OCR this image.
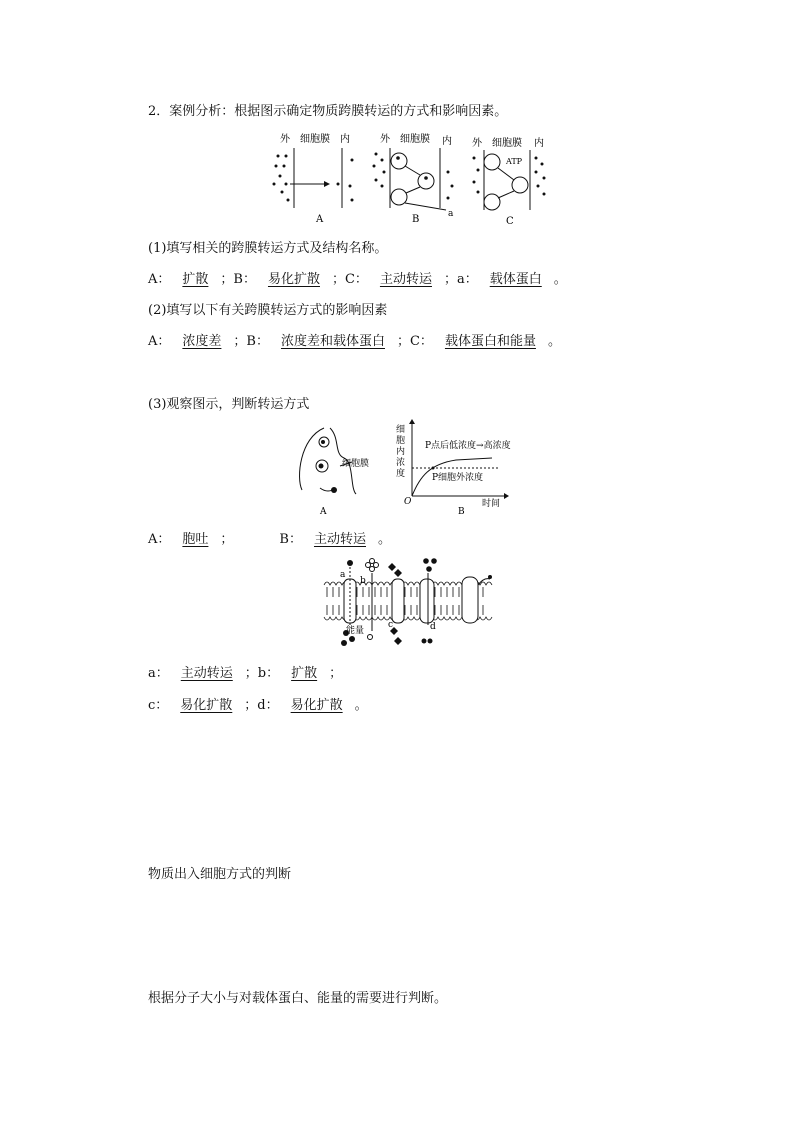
2．案例分析：根据图示确定物质跨膜转运的方式和影响因素。
外 细胞膜 内
A
外 细胞膜 内
B	a
外 细胞膜 内
ATP
C
(1)填写相关的跨膜转运方式及结构名称。
A： 扩散 ；B： 易化扩散 ；C： 主动转运 ；a： 载体蛋白 。
(2)填写以下有关跨膜转运方式的影响因素
A： 浓度差 ；B： 浓度差和载体蛋白 ；C： 载体蛋白和能量 。
(3)观察图示，判断转运方式
细胞膜
A
细
胞
内
浓
度
O	时间
P点后低浓度→高浓度
P细胞外浓度
B
A： 胞吐 ；	B： 主动转运 。
a
b
c	d
能量
a： 主动转运 ；b： 扩散 ；
c： 易化扩散 ；d： 易化扩散 。
物质出入细胞方式的判断
根据分子大小与对载体蛋白、能量的需要进行判断。
